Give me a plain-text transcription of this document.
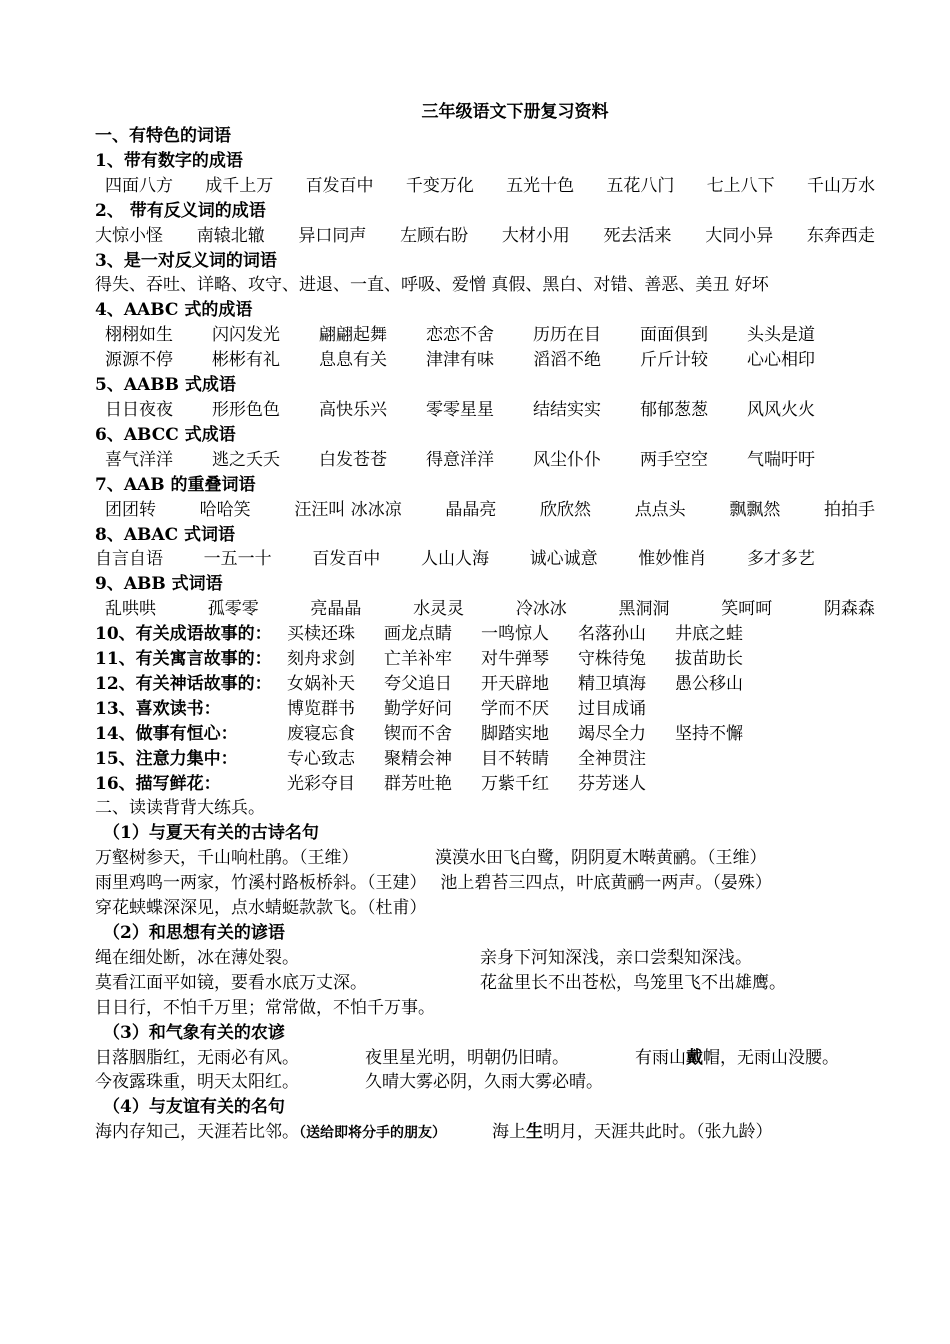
三年级语文下册复习资料
一、有特色的词语
1、带有数字的成语
四面八方 成千上万 百发百中 千变万化 五光十色 五花八门 七上八下 千山万水
2、 带有反义词的成语
大惊小怪 南辕北辙 异口同声 左顾右盼 大材小用 死去活来 大同小异 东奔西走
3、是一对反义词的词语
得失、吞吐、详略、攻守、进退、一直、呼吸、爱憎 真假、黑白、对错、善恶、美丑 好坏
4、AABC 式的成语
栩栩如生 闪闪发光 翩翩起舞 恋恋不舍 历历在目 面面俱到 头头是道
源源不停 彬彬有礼 息息有关 津津有味 滔滔不绝 斤斤计较 心心相印
5、AABB 式成语
日日夜夜 形形色色 高快乐兴 零零星星 结结实实 郁郁葱葱 风风火火
6、ABCC 式成语
喜气洋洋 逃之夭夭 白发苍苍 得意洋洋 风尘仆仆 两手空空 气喘吁吁
7、AAB 的重叠词语
团团转	哈哈笑	汪汪叫 冰冰凉	晶晶亮	欣欣然	点点头	飘飘然	拍拍手
8、ABAC 式词语
自言自语 一五一十 百发百中 人山人海 诚心诚意 惟妙惟肖 多才多艺
9、ABB 式词语
乱哄哄	孤零零	亮晶晶	水灵灵	冷冰冰	黑洞洞	笑呵呵	阴森森
10、有关成语故事的： 买椟还珠	画龙点睛	一鸣惊人	名落孙山	井底之蛙
11、有关寓言故事的： 刻舟求剑	亡羊补牢	对牛弹琴	守株待兔	拔苗助长
12、有关神话故事的： 女娲补天	夸父追日	开天辟地	精卫填海	愚公移山
13、喜欢读书：	博览群书	勤学好问	学而不厌	过目成诵
14、做事有恒心：	废寝忘食	锲而不舍	脚踏实地	竭尽全力	坚持不懈
15、注意力集中：	专心致志	聚精会神	目不转睛	全神贯注
16、描写鲜花：	光彩夺目	群芳吐艳	万紫千红	芬芳迷人
二、读读背背大练兵。
（1）与夏天有关的古诗名句
万壑树参天，千山响杜鹃。（王维）　　　　　漠漠水田飞白鹭，阴阴夏木啭黄鹂。（王维）
雨里鸡鸣一两家，竹溪村路板桥斜。（王建）　 池上碧苔三四点，叶底黄鹂一两声。（晏殊）
穿花蛱蝶深深见，点水蜻蜓款款飞。（杜甫）
（2）和思想有关的谚语
绳在细处断，冰在薄处裂。	亲身下河知深浅，亲口尝梨知深浅。
莫看江面平如镜，要看水底万丈深。	花盆里长不出苍松，鸟笼里飞不出雄鹰。
日日行，不怕千万里；常常做，不怕千万事。
（3）和气象有关的农谚
日落胭脂红，无雨必有风。	夜里星光明，明朝仍旧晴。	有雨山戴帽，无雨山没腰。
今夜露珠重，明天太阳红。	久晴大雾必阴，久雨大雾必晴。
（4）与友谊有关的名句
海内存知己，天涯若比邻。（送给即将分手的朋友）	海上生明月，天涯共此时。（张九龄）
